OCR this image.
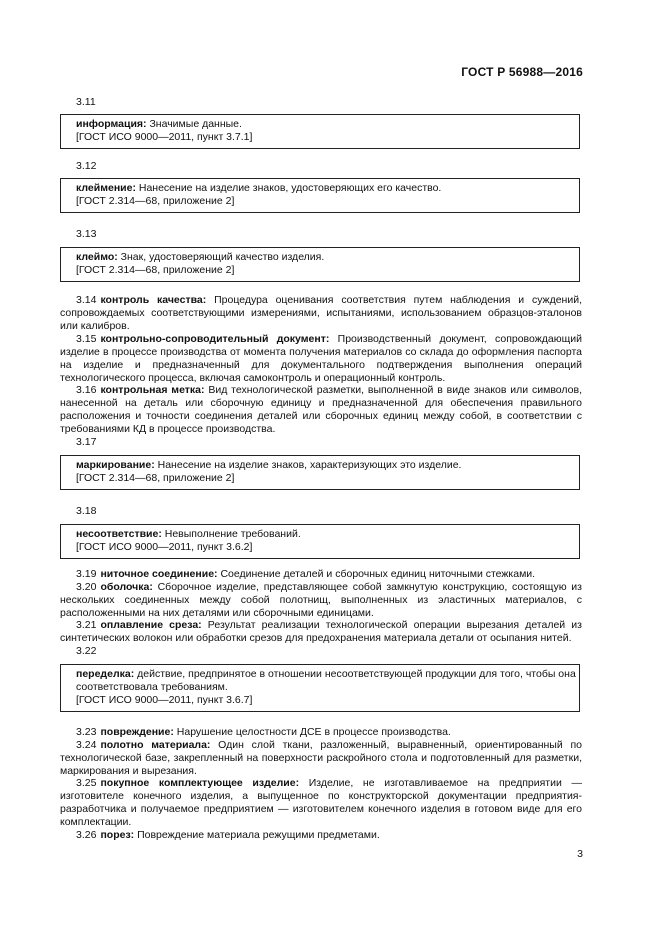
ГОСТ Р 56988—2016
3.11
информация: Значимые данные.
[ГОСТ ИСО 9000—2011, пункт 3.7.1]
3.12
клеймение: Нанесение на изделие знаков, удостоверяющих его качество.
[ГОСТ 2.314—68, приложение 2]
3.13
клеймо: Знак, удостоверяющий качество изделия.
[ГОСТ 2.314—68, приложение 2]
3.14 контроль качества: Процедура оценивания соответствия путем наблюдения и суждений, сопровождаемых соответствующими измерениями, испытаниями, использованием образцов-эталонов или калибров.
3.15 контрольно-сопроводительный документ: Производственный документ, сопровождающий изделие в процессе производства от момента получения материалов со склада до оформления паспорта на изделие и предназначенный для документального подтверждения выполнения операций технологического процесса, включая самоконтроль и операционный контроль.
3.16 контрольная метка: Вид технологической разметки, выполненной в виде знаков или символов, нанесенной на деталь или сборочную единицу и предназначенной для обеспечения правильного расположения и точности соединения деталей или сборочных единиц между собой, в соответствии с требованиями КД в процессе производства.
3.17
маркирование: Нанесение на изделие знаков, характеризующих это изделие.
[ГОСТ 2.314—68, приложение 2]
3.18
несоответствие: Невыполнение требований.
[ГОСТ ИСО 9000—2011, пункт 3.6.2]
3.19 ниточное соединение: Соединение деталей и сборочных единиц ниточными стежками.
3.20 оболочка: Сборочное изделие, представляющее собой замкнутую конструкцию, состоящую из нескольких соединенных между собой полотнищ, выполненных из эластичных материалов, с расположенными на них деталями или сборочными единицами.
3.21 оплавление среза: Результат реализации технологической операции вырезания деталей из синтетических волокон или обработки срезов для предохранения материала детали от осыпания нитей.
3.22
переделка: действие, предпринятое в отношении несоответствующей продукции для того, чтобы она соответствовала требованиям.
[ГОСТ ИСО 9000—2011, пункт 3.6.7]
3.23 повреждение: Нарушение целостности ДСЕ в процессе производства.
3.24 полотно материала: Один слой ткани, разложенный, выравненный, ориентированный по технологической базе, закрепленный на поверхности раскройного стола и подготовленный для разметки, маркирования и вырезания.
3.25 покупное комплектующее изделие: Изделие, не изготавливаемое на предприятии — изготовителе конечного изделия, а выпущенное по конструкторской документации предприятия-разработчика и получаемое предприятием — изготовителем конечного изделия в готовом виде для его комплектации.
3.26 порез: Повреждение материала режущими предметами.
3
